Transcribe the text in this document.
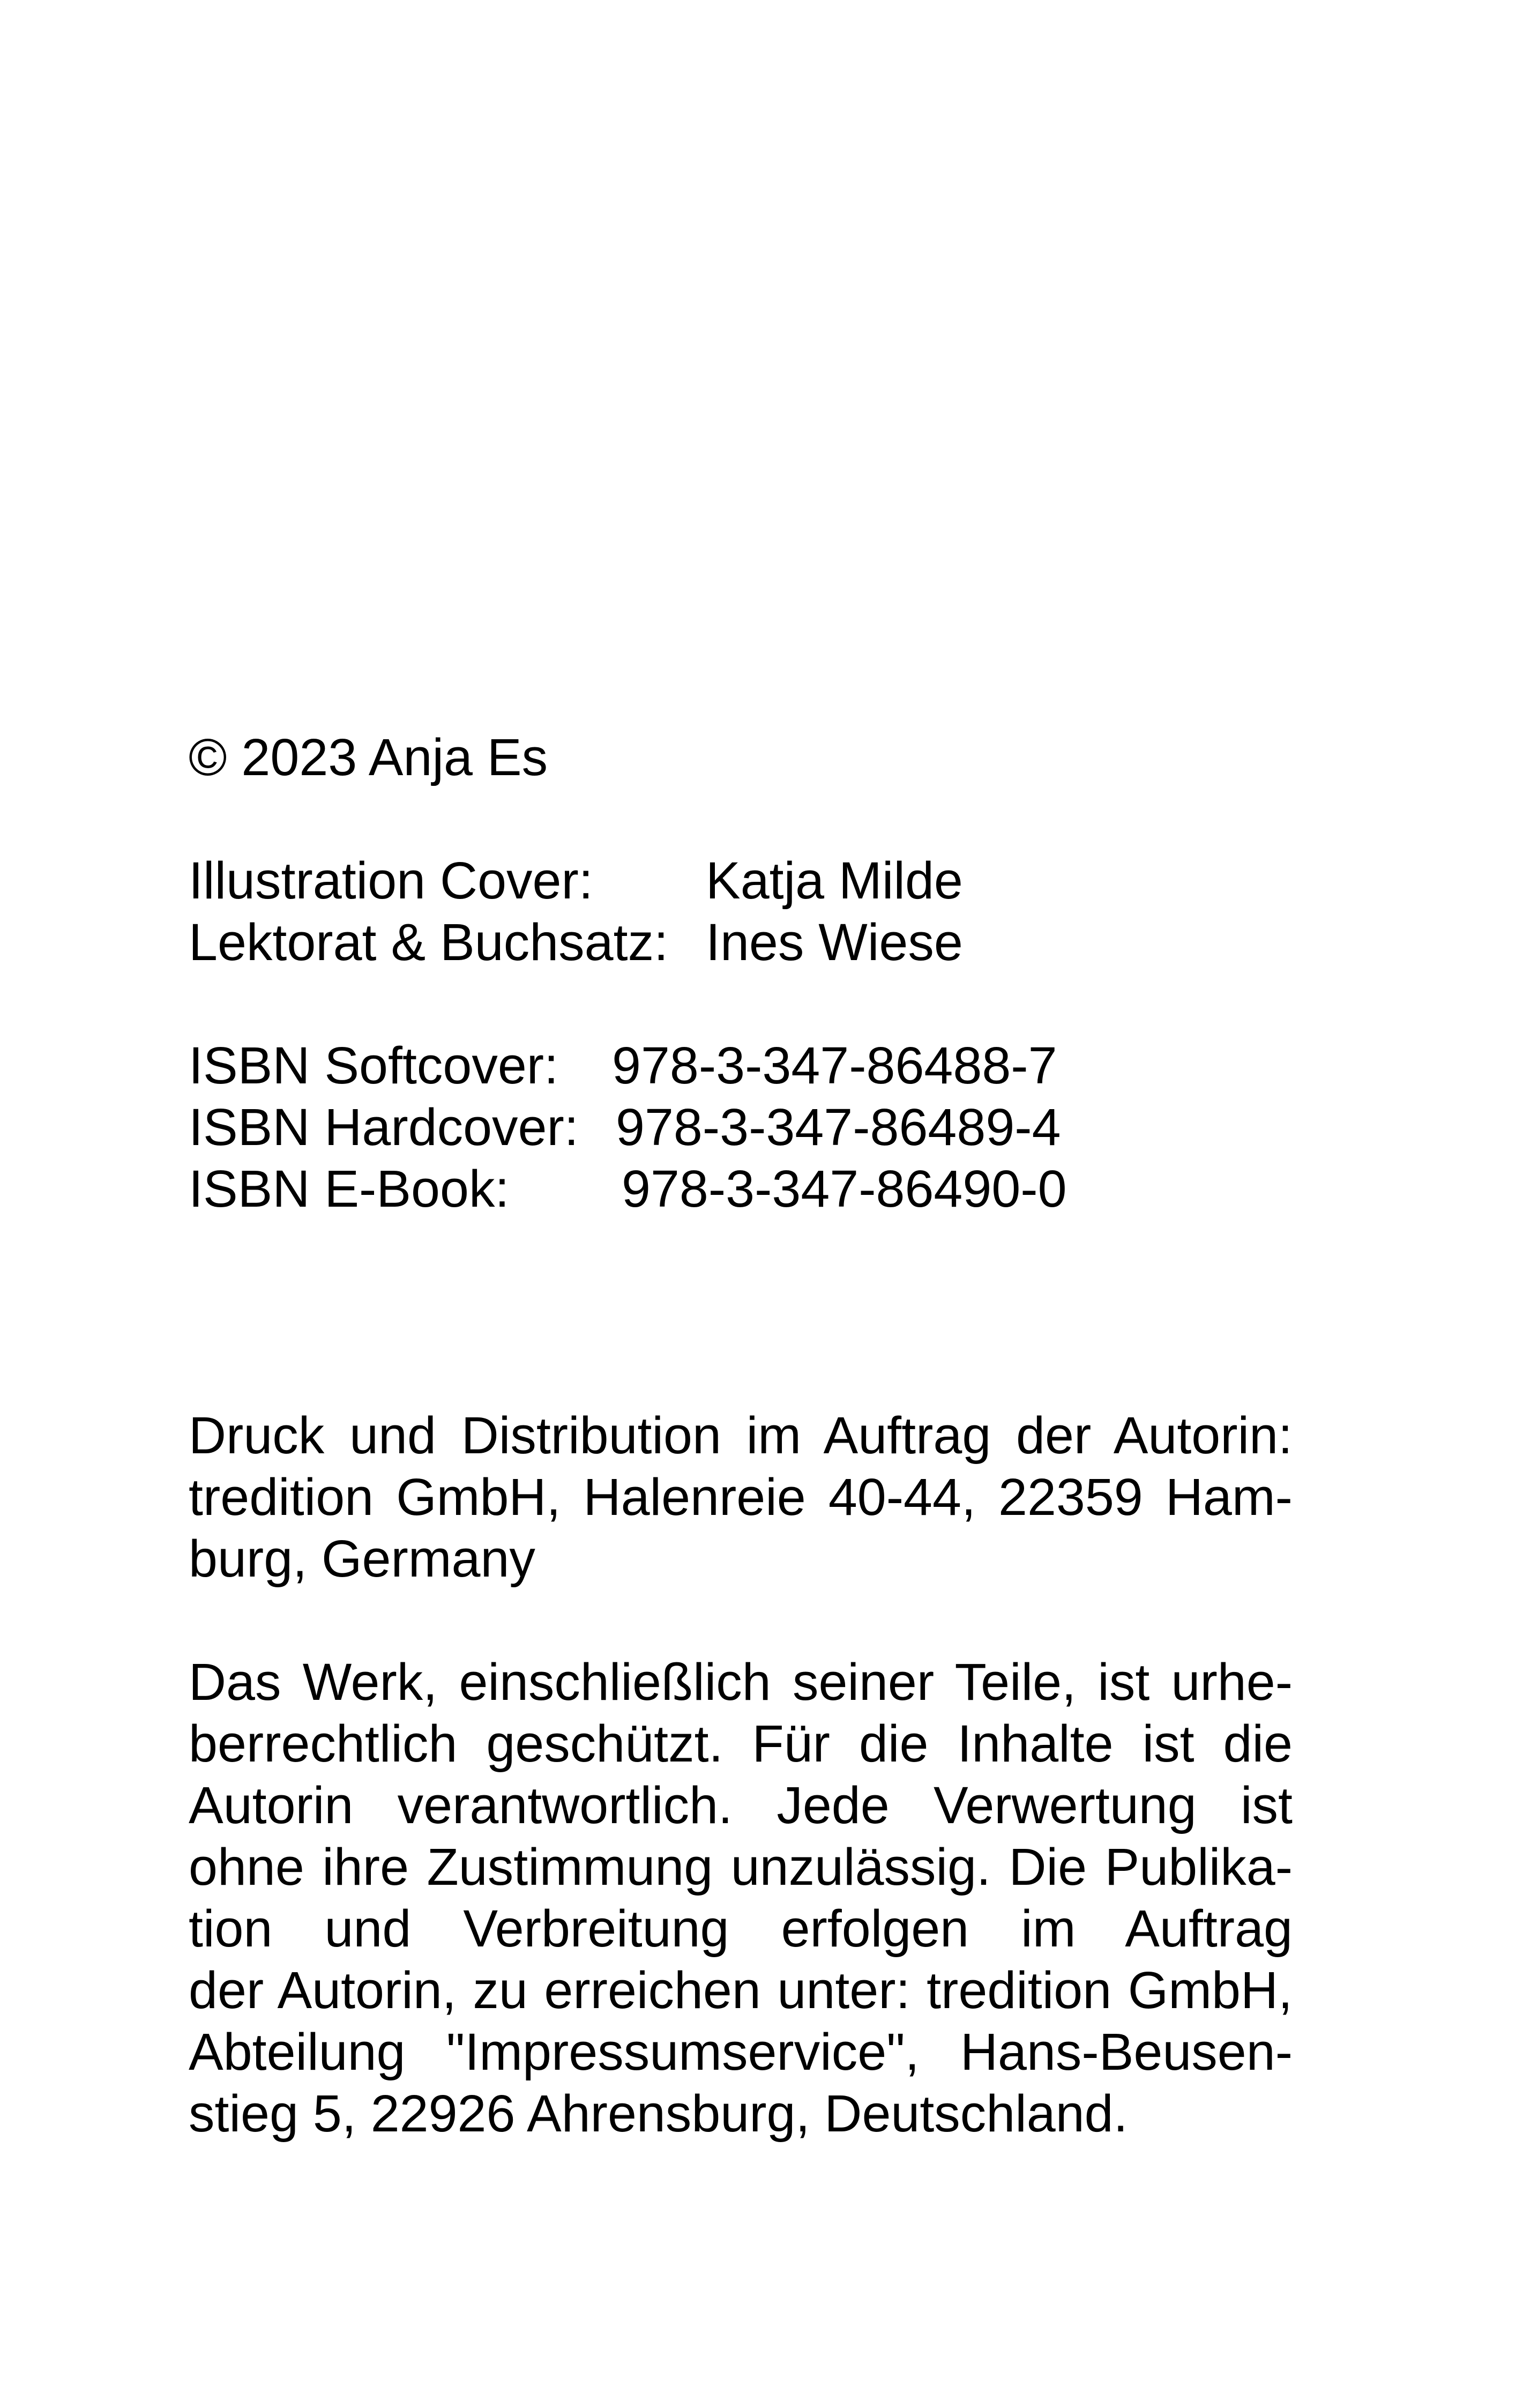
© 2023 Anja Es
Illustration Cover:	Katja Milde
Lektorat & Buchsatz: Ines Wiese
ISBN Softcover:	978-3-347-86488-7
ISBN Hardcover: 978-3-347-86489-4
ISBN E-Book:	978-3-347-86490-0
Druck und Distribution im Auftrag der Autorin:
tredition GmbH, Halenreie 40-44, 22359 Ham-
burg, Germany
Das Werk, einschließlich seiner Teile, ist urhe-
berrechtlich geschützt. Für die Inhalte ist die
Autorin verantwortlich. Jede Verwertung ist
ohne ihre Zustimmung unzulässig. Die Publika-
tion und Verbreitung erfolgen im Auftrag
der Autorin, zu erreichen unter: tredition GmbH,
Abteilung "Impressumservice", Hans-Beusen-
stieg 5, 22926 Ahrensburg, Deutschland.
